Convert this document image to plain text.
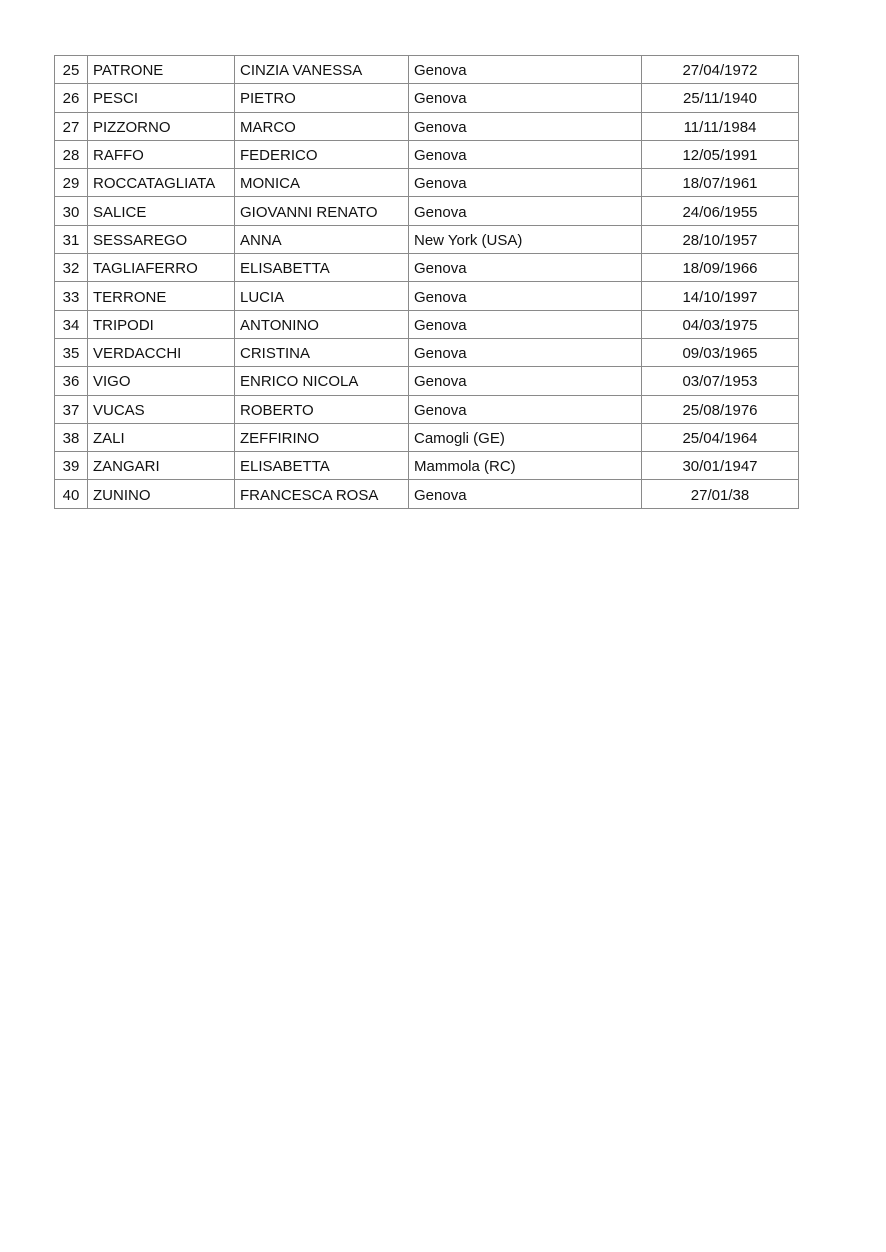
25	PATRONE	CINZIA VANESSA	Genova	27/04/1972
26	PESCI	PIETRO	Genova	25/11/1940
27	PIZZORNO	MARCO	Genova	11/11/1984
28	RAFFO	FEDERICO	Genova	12/05/1991
29	ROCCATAGLIATA	MONICA	Genova	18/07/1961
30	SALICE	GIOVANNI RENATO	Genova	24/06/1955
31	SESSAREGO	ANNA	New York (USA)	28/10/1957
32	TAGLIAFERRO	ELISABETTA	Genova	18/09/1966
33	TERRONE	LUCIA	Genova	14/10/1997
34	TRIPODI	ANTONINO	Genova	04/03/1975
35	VERDACCHI	CRISTINA	Genova	09/03/1965
36	VIGO	ENRICO NICOLA	Genova	03/07/1953
37	VUCAS	ROBERTO	Genova	25/08/1976
38	ZALI	ZEFFIRINO	Camogli (GE)	25/04/1964
39	ZANGARI	ELISABETTA	Mammola (RC)	30/01/1947
40	ZUNINO	FRANCESCA ROSA	Genova	27/01/38
